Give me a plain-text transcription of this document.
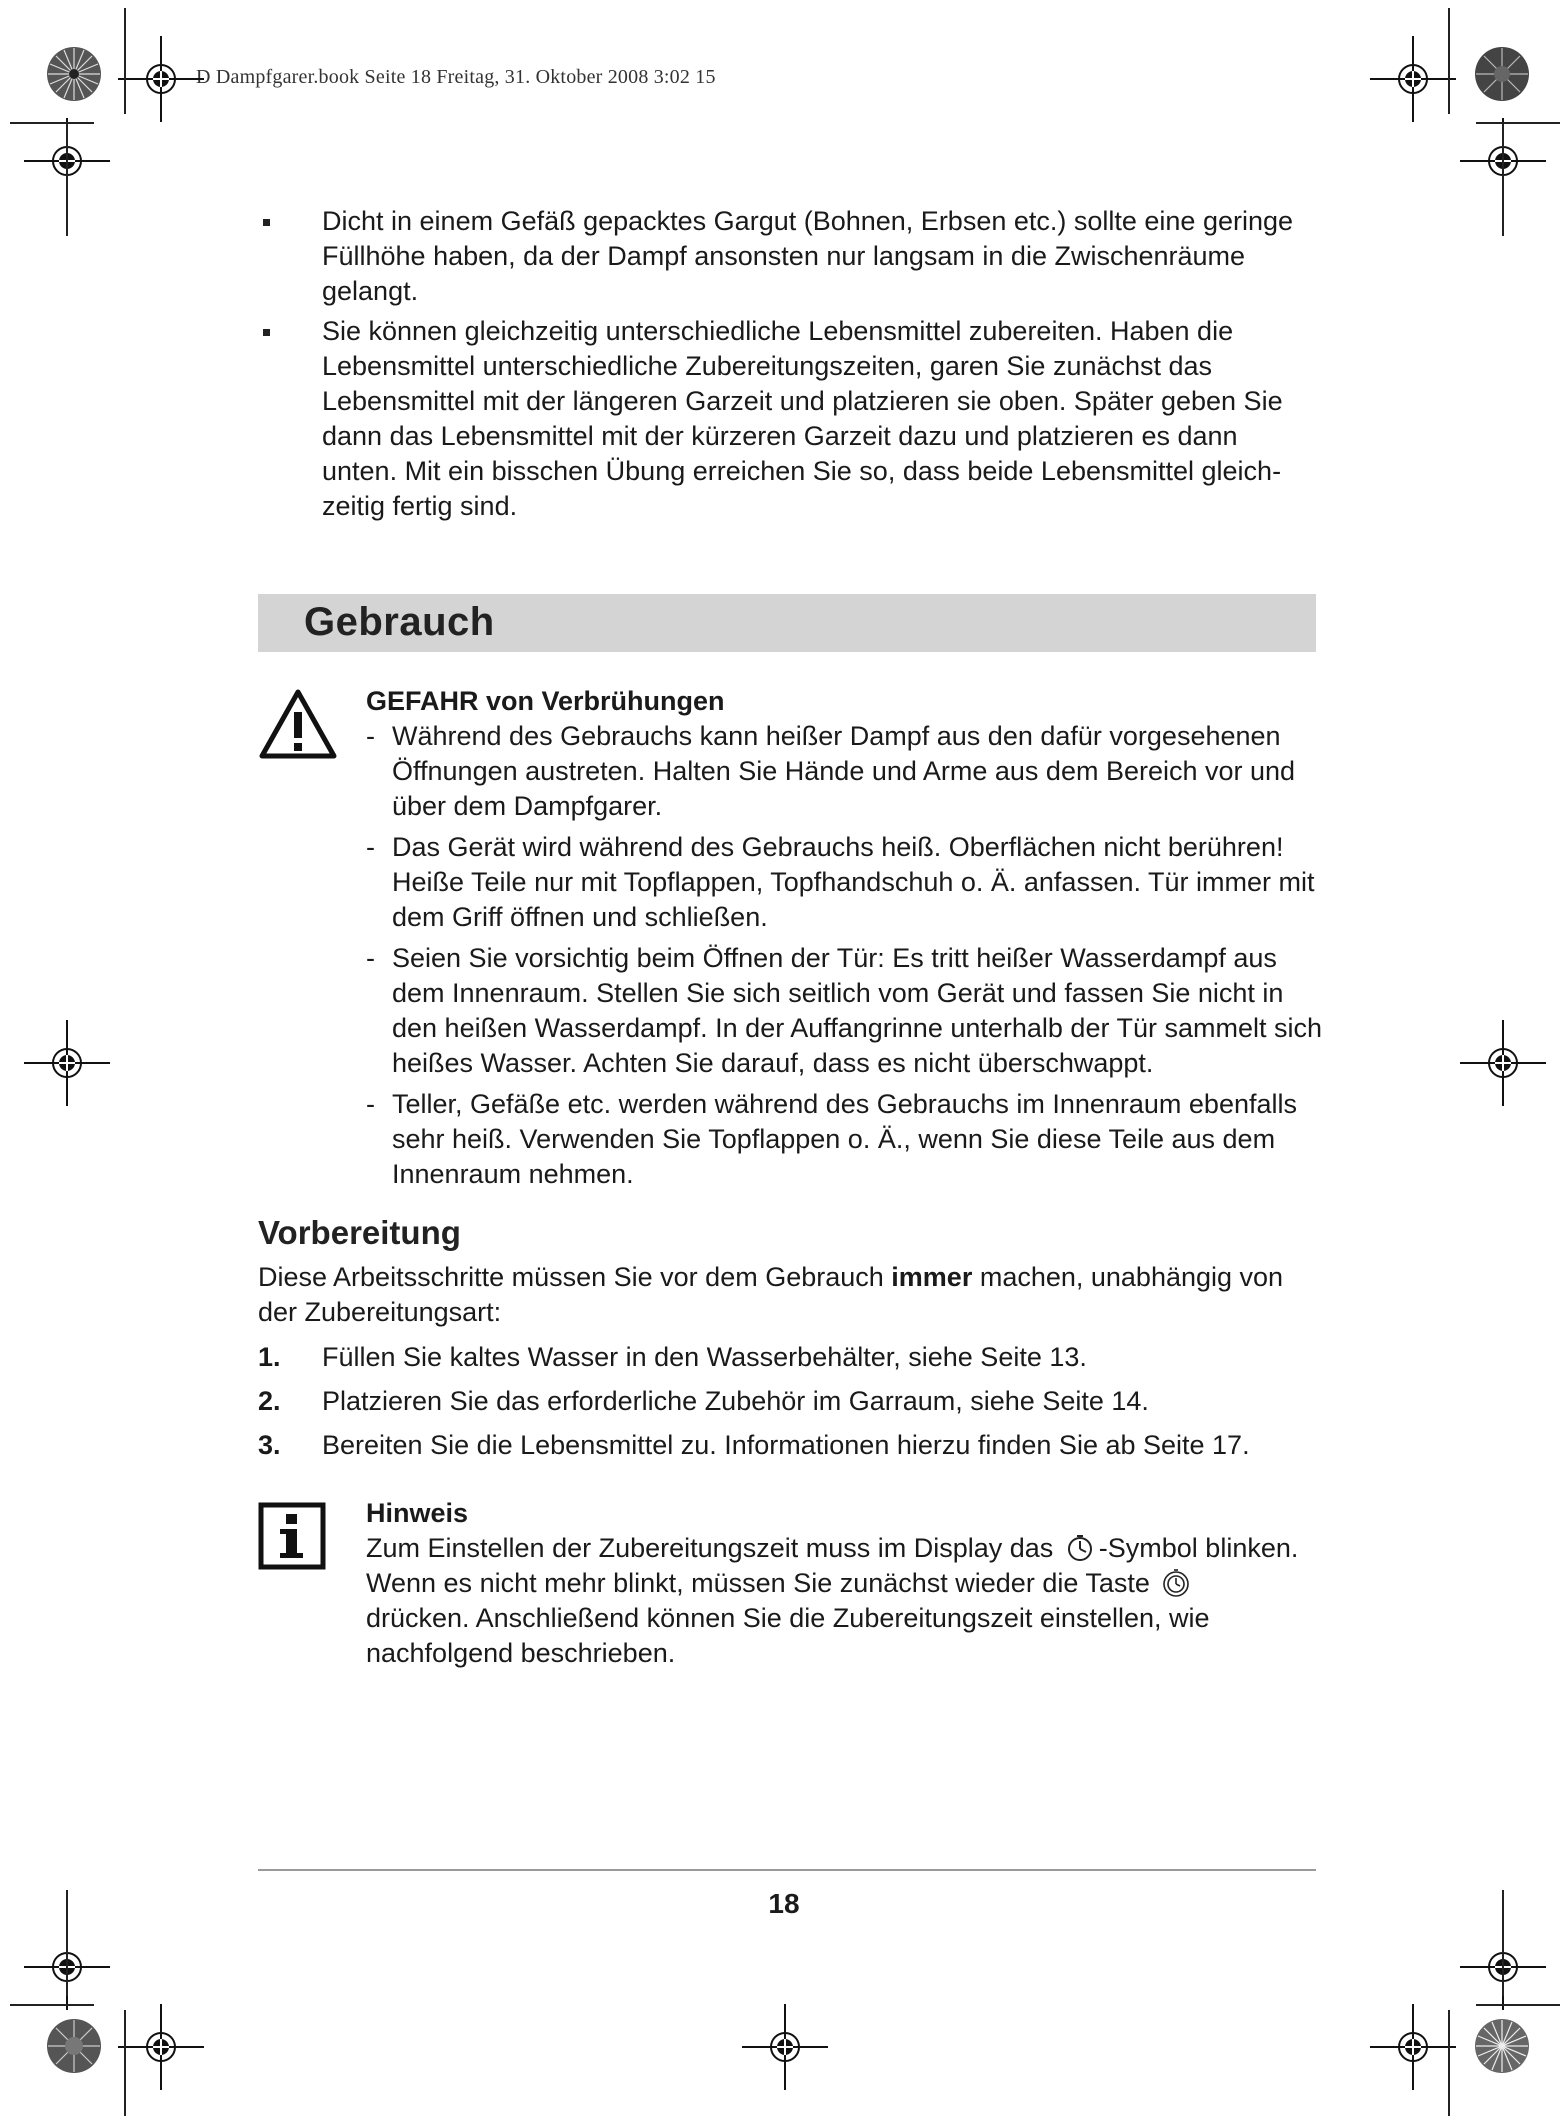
D Dampfgarer.book Seite 18 Freitag, 31. Oktober 2008 3:02 15
Dicht in einem Gefäß gepacktes Gargut (Bohnen, Erbsen etc.) sollte eine geringe Füllhöhe haben, da der Dampf ansonsten nur langsam in die Zwischenräume gelangt.
Sie können gleichzeitig unterschiedliche Lebensmittel zubereiten. Haben die Lebensmittel unterschiedliche Zubereitungszeiten, garen Sie zunächst das Lebensmittel mit der längeren Garzeit und platzieren sie oben. Später geben Sie dann das Lebensmittel mit der kürzeren Garzeit dazu und platzieren es dann unten. Mit ein bisschen Übung erreichen Sie so, dass beide Lebensmittel gleichzeitig fertig sind.
Gebrauch
GEFAHR von Verbrühungen
- Während des Gebrauchs kann heißer Dampf aus den dafür vorgesehenen Öffnungen austreten. Halten Sie Hände und Arme aus dem Bereich vor und über dem Dampfgarer.
- Das Gerät wird während des Gebrauchs heiß. Oberflächen nicht berühren! Heiße Teile nur mit Topflappen, Topfhandschuh o. Ä. anfassen. Tür immer mit dem Griff öffnen und schließen.
- Seien Sie vorsichtig beim Öffnen der Tür: Es tritt heißer Wasserdampf aus dem Innenraum. Stellen Sie sich seitlich vom Gerät und fassen Sie nicht in den heißen Wasserdampf. In der Auffangrinne unterhalb der Tür sammelt sich heißes Wasser. Achten Sie darauf, dass es nicht überschwappt.
- Teller, Gefäße etc. werden während des Gebrauchs im Innenraum ebenfalls sehr heiß. Verwenden Sie Topflappen o. Ä., wenn Sie diese Teile aus dem Innenraum nehmen.
Vorbereitung
Diese Arbeitsschritte müssen Sie vor dem Gebrauch immer machen, unabhängig von der Zubereitungsart:
1. Füllen Sie kaltes Wasser in den Wasserbehälter, siehe Seite 13.
2. Platzieren Sie das erforderliche Zubehör im Garraum, siehe Seite 14.
3. Bereiten Sie die Lebensmittel zu. Informationen hierzu finden Sie ab Seite 17.
Hinweis
Zum Einstellen der Zubereitungszeit muss im Display das -Symbol blinken. Wenn es nicht mehr blinkt, müssen Sie zunächst wieder die Taste  drücken. Anschließend können Sie die Zubereitungszeit einstellen, wie nachfolgend beschrieben.
18
